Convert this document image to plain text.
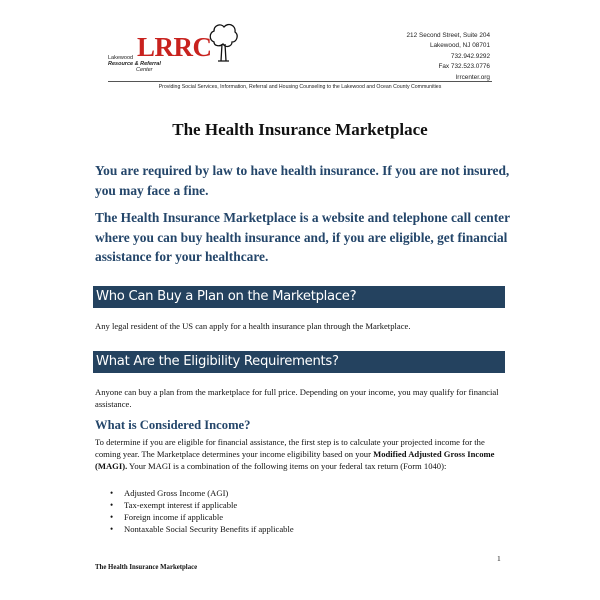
Lakewood
Resource & Referral
Center
LRRC	212 Second Street, Suite 204
Lakewood, NJ 08701
732.942.9292
Fax 732.523.0776
lrrcenter.org
Providing Social Services, Information, Referral and Housing Counseling to the Lakewood and Ocean County Communities
The Health Insurance Marketplace

You are required by law to have health insurance. If you are not insured, you may face a fine.

The Health Insurance Marketplace is a website and telephone call center where you can buy health insurance and, if you are eligible, get financial assistance for your healthcare.

Who Can Buy a Plan on the Marketplace?

Any legal resident of the US can apply for a health insurance plan through the Marketplace.

What Are the Eligibility Requirements?

Anyone can buy a plan from the marketplace for full price. Depending on your income, you may qualify for financial assistance.

What is Considered Income?

To determine if you are eligible for financial assistance, the first step is to calculate your projected income for the coming year. The Marketplace determines your income eligibility based on your Modified Adjusted Gross Income (MAGI). Your MAGI is a combination of the following items on your federal tax return (Form 1040):

• Adjusted Gross Income (AGI)
• Tax-exempt interest if applicable
• Foreign income if applicable
• Nontaxable Social Security Benefits if applicable
1
The Health Insurance Marketplace
